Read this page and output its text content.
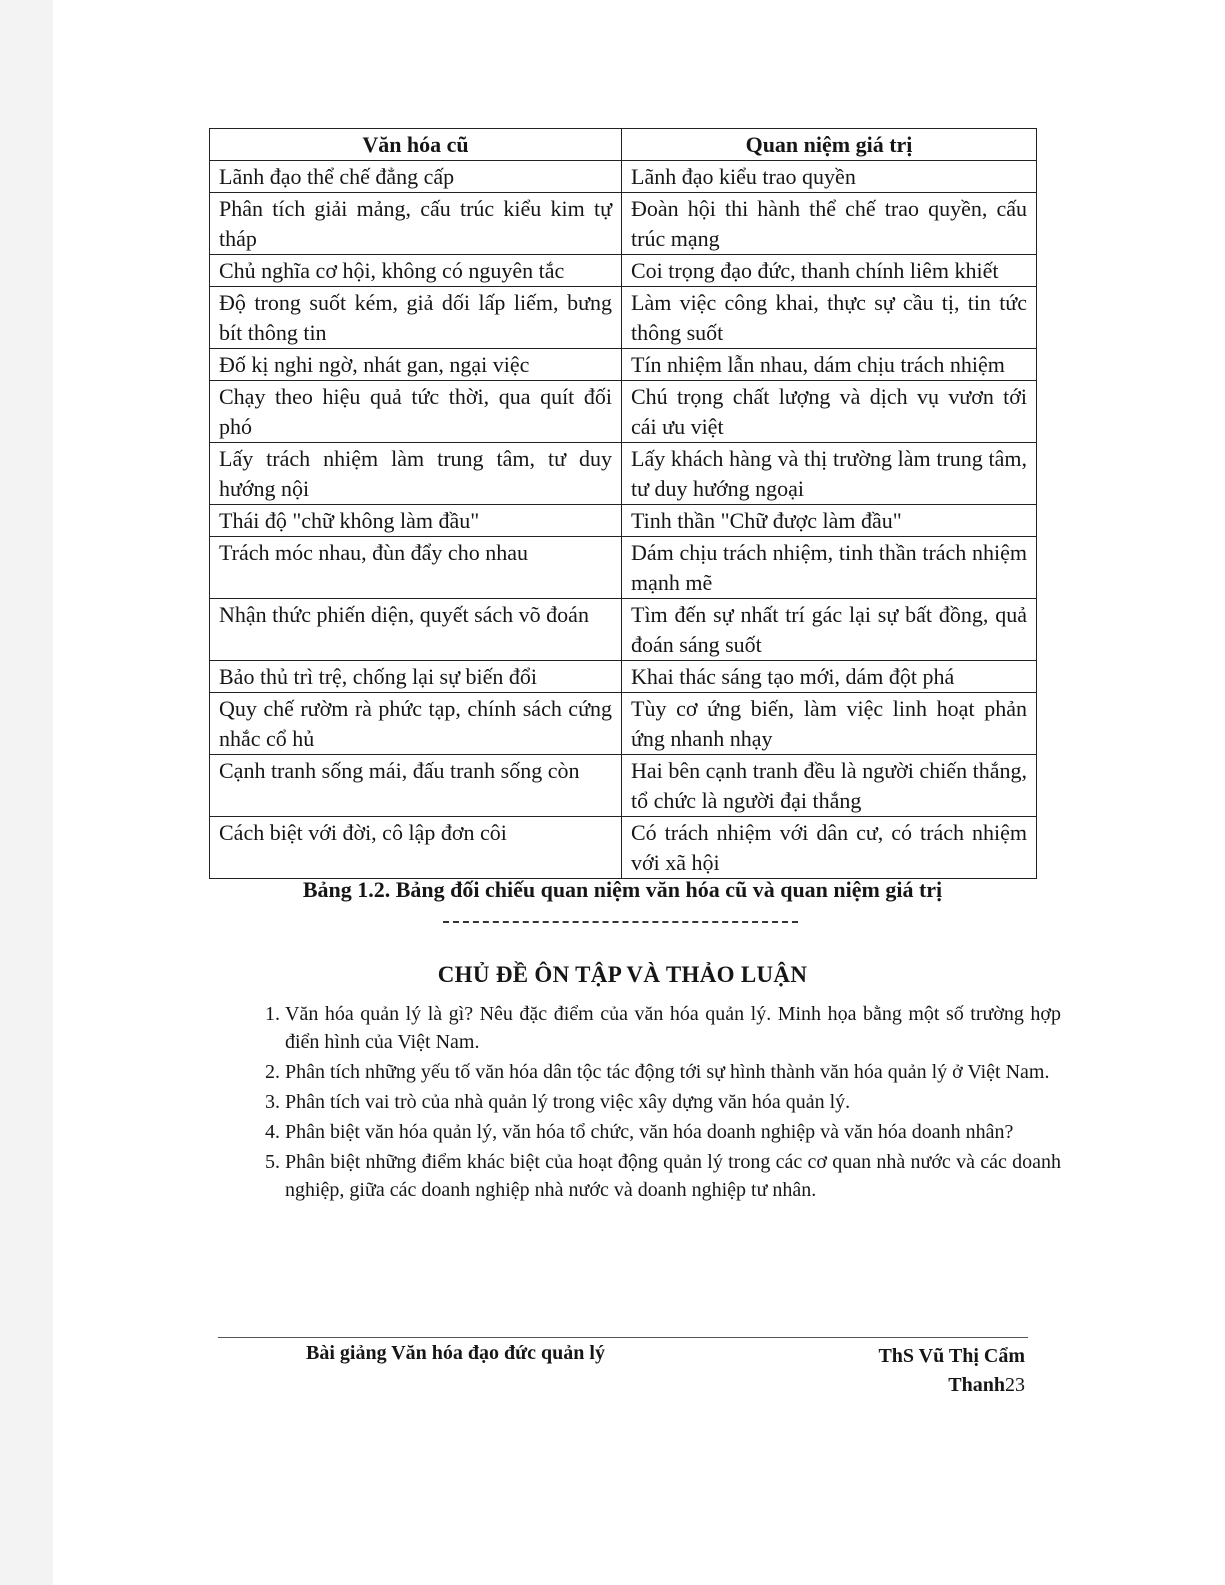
Văn hóa cũ	Quan niệm giá trị
Lãnh đạo thể chế đẳng cấp	Lãnh đạo kiểu trao quyền
Phân tích giải mảng, cấu trúc kiểu kim tự tháp	Đoàn hội thi hành thể chế trao quyền, cấu trúc mạng
Chủ nghĩa cơ hội, không có nguyên tắc	Coi trọng đạo đức, thanh chính liêm khiết
Độ trong suốt kém, giả dối lấp liếm, bưng bít thông tin	Làm việc công khai, thực sự cầu tị, tin tức thông suốt
Đố kị nghi ngờ, nhát gan, ngại việc	Tín nhiệm lẫn nhau, dám chịu trách nhiệm
Chạy theo hiệu quả tức thời, qua quít đối phó	Chú trọng chất lượng và dịch vụ vươn tới cái ưu việt
Lấy trách nhiệm làm trung tâm, tư duy hướng nội	Lấy khách hàng và thị trường làm trung tâm, tư duy hướng ngoại
Thái độ "chữ không làm đầu"	Tinh thần "Chữ được làm đầu"
Trách móc nhau, đùn đẩy cho nhau	Dám chịu trách nhiệm, tinh thần trách nhiệm mạnh mẽ
Nhận thức phiến diện, quyết sách võ đoán	Tìm đến sự nhất trí gác lại sự bất đồng, quả đoán sáng suốt
Bảo thủ trì trệ, chống lại sự biến đổi	Khai thác sáng tạo mới, dám đột phá
Quy chế rườm rà phức tạp, chính sách cứng nhắc cổ hủ	Tùy cơ ứng biến, làm việc linh hoạt phản ứng nhanh nhạy
Cạnh tranh sống mái, đấu tranh sống còn	Hai bên cạnh tranh đều là người chiến thắng, tổ chức là người đại thắng
Cách biệt với đời, cô lập đơn côi	Có trách nhiệm với dân cư, có trách nhiệm với xã hội
Bảng 1.2. Bảng đối chiếu quan niệm văn hóa cũ và quan niệm giá trị
CHỦ ĐỀ ÔN TẬP VÀ THẢO LUẬN
1. Văn hóa quản lý là gì? Nêu đặc điểm của văn hóa quản lý. Minh họa bằng một số trường hợp điển hình của Việt Nam.
2. Phân tích những yếu tố văn hóa dân tộc tác động tới sự hình thành văn hóa quản lý ở Việt Nam.
3. Phân tích vai trò của nhà quản lý trong việc xây dựng văn hóa quản lý.
4. Phân biệt văn hóa quản lý, văn hóa tổ chức, văn hóa doanh nghiệp và văn hóa doanh nhân?
5. Phân biệt những điểm khác biệt của hoạt động quản lý trong các cơ quan nhà nước và các doanh nghiệp, giữa các doanh nghiệp nhà nước và doanh nghiệp tư nhân.
Bài giảng Văn hóa đạo đức quản lý	ThS Vũ Thị Cẩm
Thanh23
